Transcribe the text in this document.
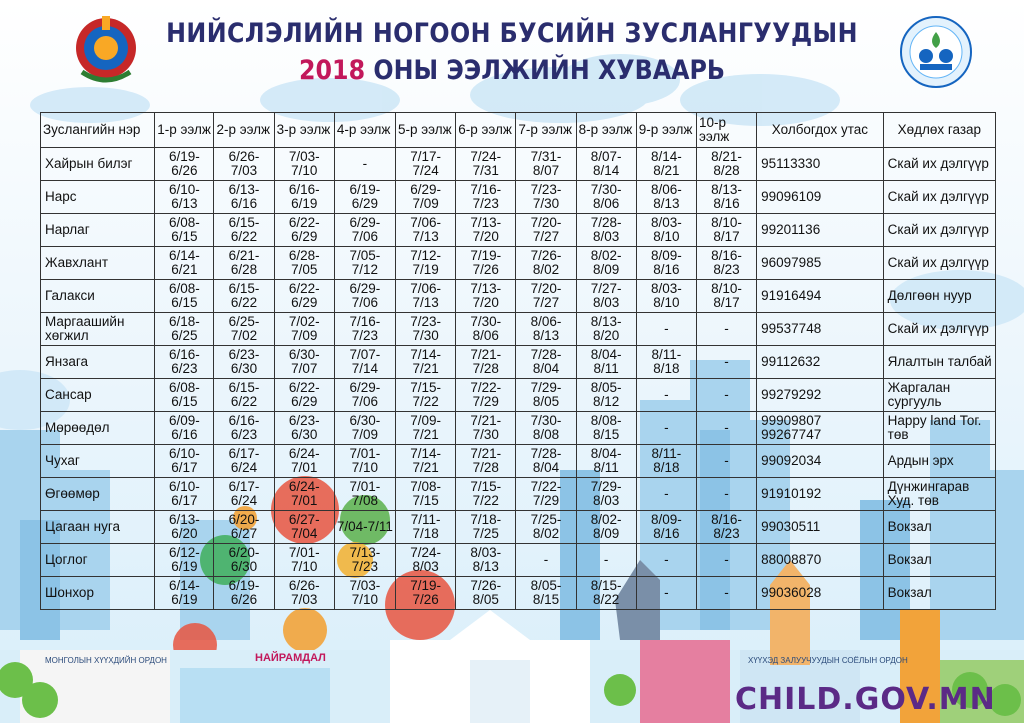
МОНГОЛЫН ХҮҮХДИЙН ОРДОН	НАЙРАМДАЛ	ХҮҮХЭД ЗАЛУУЧУУДЫН СОЁЛЫН ОРДОН
НИЙСЛЭЛИЙН НОГООН БУСИЙН ЗУСЛАНГУУДЫН
2018 ОНЫ ЭЭЛЖИЙН ХУВААРЬ
Зуслангийн нэр	1-р ээлж	2-р ээлж	3-р ээлж	4-р ээлж	5-р ээлж	6-р ээлж	7-р ээлж	8-р ээлж	9-р ээлж	10-р ээлж	Холбогдох утас	Хөдлөх газар
Хайрын билэг	6/19-6/26	6/26-7/03	7/03-7/10	-	7/17-7/24	7/24-7/31	7/31-8/07	8/07-8/14	8/14-8/21	8/21-8/28	95113330	Скай их дэлгүүр
Нарс	6/10-6/13	6/13-6/16	6/16-6/19	6/19-6/29	6/29-7/09	7/16-7/23	7/23-7/30	7/30-8/06	8/06-8/13	8/13-8/16	99096109	Скай их дэлгүүр
Нарлаг	6/08-6/15	6/15-6/22	6/22-6/29	6/29-7/06	7/06-7/13	7/13-7/20	7/20-7/27	7/28-8/03	8/03-8/10	8/10-8/17	99201136	Скай их дэлгүүр
Жавхлант	6/14-6/21	6/21-6/28	6/28-7/05	7/05-7/12	7/12-7/19	7/19-7/26	7/26-8/02	8/02-8/09	8/09-8/16	8/16-8/23	96097985	Скай их дэлгүүр
Галакси	6/08-6/15	6/15-6/22	6/22-6/29	6/29-7/06	7/06-7/13	7/13-7/20	7/20-7/27	7/27-8/03	8/03-8/10	8/10-8/17	91916494	Дөлгөөн нуур
Маргаашийн хөгжил	6/18-6/25	6/25-7/02	7/02-7/09	7/16-7/23	7/23-7/30	7/30-8/06	8/06-8/13	8/13-8/20	-	-	99537748	Скай их дэлгүүр
Янзага	6/16-6/23	6/23-6/30	6/30-7/07	7/07-7/14	7/14-7/21	7/21-7/28	7/28-8/04	8/04-8/11	8/11-8/18	-	99112632	Ялалтын талбай
Сансар	6/08-6/15	6/15-6/22	6/22-6/29	6/29-7/06	7/15-7/22	7/22-7/29	7/29-8/05	8/05-8/12	-	-	99279292	Жаргалан сургууль
Мөрөөдөл	6/09-6/16	6/16-6/23	6/23-6/30	6/30-7/09	7/09-7/21	7/21-7/30	7/30-8/08	8/08-8/15	-	-	99909807 99267747	Happy land Тог. төв
Чухаг	6/10-6/17	6/17-6/24	6/24-7/01	7/01-7/10	7/14-7/21	7/21-7/28	7/28-8/04	8/04-8/11	8/11-8/18	-	99092034	Ардын эрх
Өгөөмөр	6/10-6/17	6/17-6/24	6/24-7/01	7/01-7/08	7/08-7/15	7/15-7/22	7/22-7/29	7/29-8/03	-	-	91910192	Дүнжингарав Худ. төв
Цагаан нуга	6/13-6/20	6/20-6/27	6/27-7/04	7/04-7/11	7/11-7/18	7/18-7/25	7/25-8/02	8/02-8/09	8/09-8/16	8/16-8/23	99030511	Вокзал
Цоглог	6/12-6/19	6/20-6/30	7/01-7/10	7/13-7/23	7/24-8/03	8/03-8/13	-	-	-	-	88008870	Вокзал
Шонхор	6/14-6/19	6/19-6/26	6/26-7/03	7/03-7/10	7/19-7/26	7/26-8/05	8/05-8/15	8/15-8/22	-	-	99036028	Вокзал
CHILD.GOV.MN
